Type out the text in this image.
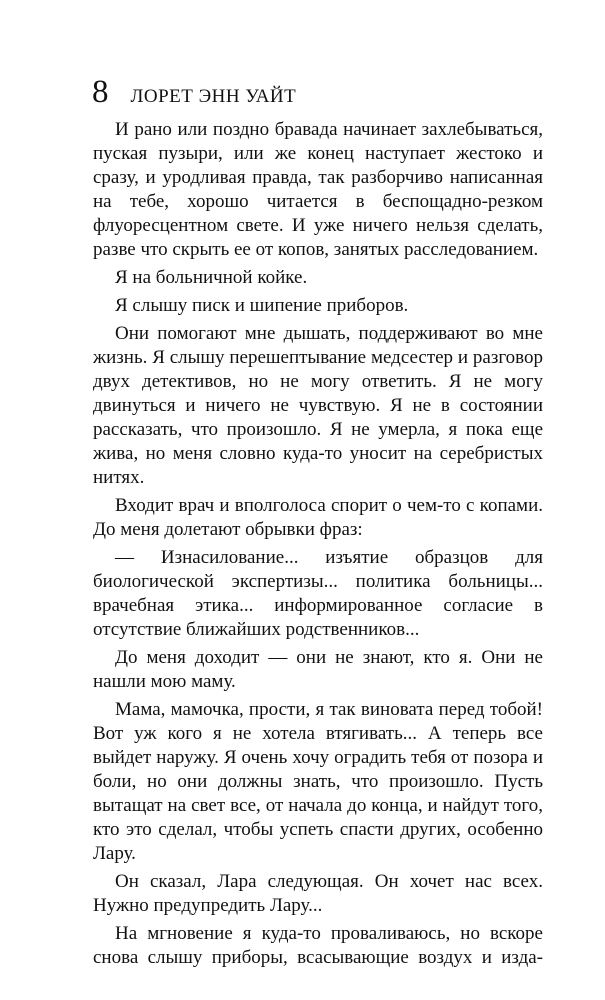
8 ЛОРЕТ ЭНН УАЙТ

И рано или поздно бравада начинает захлебываться, пуская пузыри, или же конец наступает жестоко и сразу, и уродливая правда, так разборчиво написанная на тебе, хорошо читается в беспощадно-резком флуоресцентном свете. И уже ничего нельзя сделать, разве что скрыть ее от копов, занятых расследованием.

Я на больничной койке.

Я слышу писк и шипение приборов.

Они помогают мне дышать, поддерживают во мне жизнь. Я слышу перешептывание медсестер и разговор двух детективов, но не могу ответить. Я не могу двинуться и ничего не чувствую. Я не в состоянии рассказать, что произошло. Я не умерла, я пока еще жива, но меня словно куда-то уносит на серебристых нитях.

Входит врач и вполголоса спорит о чем-то с копами. До меня долетают обрывки фраз:

— Изнасилование... изъятие образцов для биологической экспертизы... политика больницы... врачебная этика... информированное согласие в отсутствие ближайших родственников...

До меня доходит — они не знают, кто я. Они не нашли мою маму.

Мама, мамочка, прости, я так виновата перед тобой! Вот уж кого я не хотела втягивать... А теперь все выйдет наружу. Я очень хочу оградить тебя от позора и боли, но они должны знать, что произошло. Пусть вытащат на свет все, от начала до конца, и найдут того, кто это сделал, чтобы успеть спасти других, особенно Лару.

Он сказал, Лара следующая. Он хочет нас всех. Нужно предупредить Лару...

На мгновение я куда-то проваливаюсь, но вскоре снова слышу приборы, всасывающие воздух и изда-
